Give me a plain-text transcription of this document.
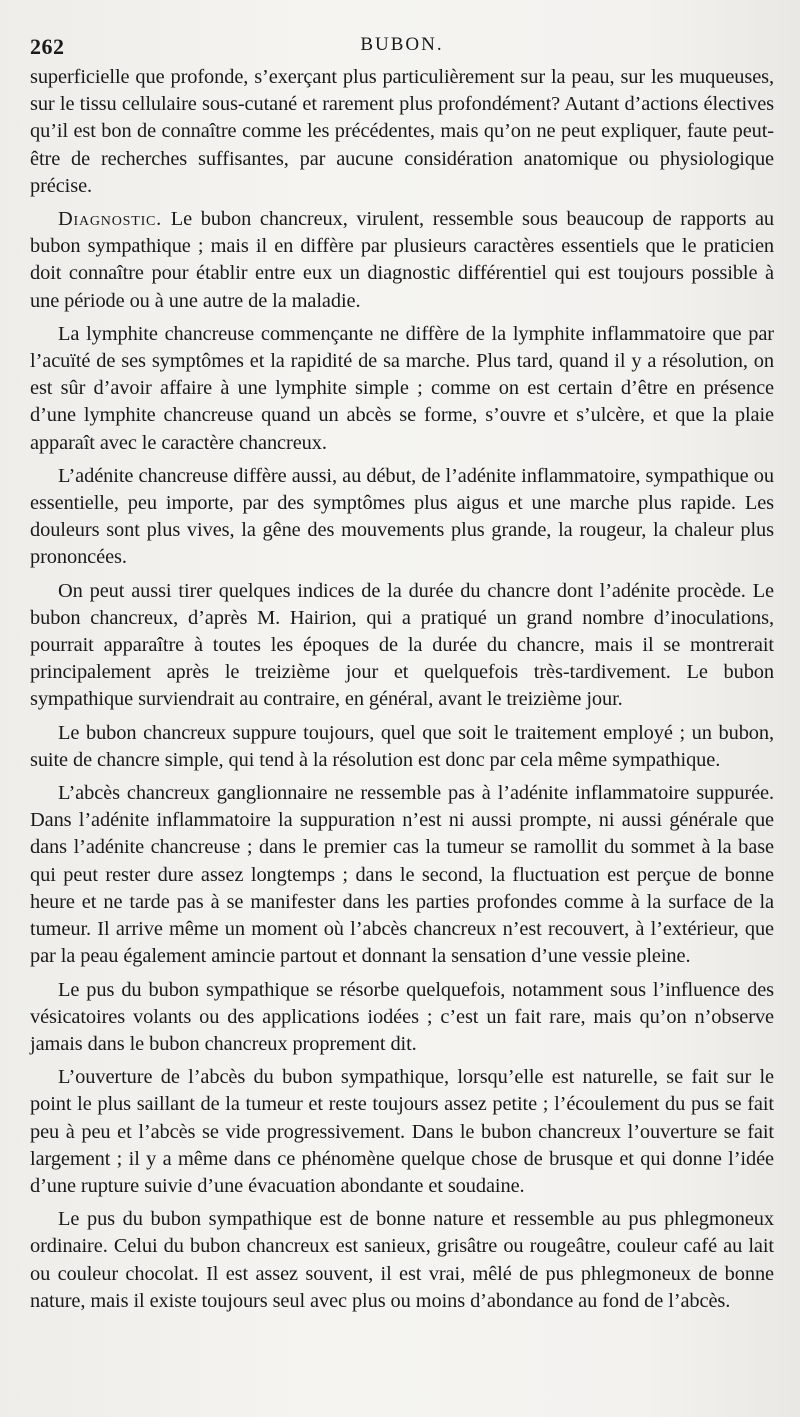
262	BUBON.

superficielle que profonde, s’exerçant plus particulièrement sur la peau, sur les muqueuses, sur le tissu cellulaire sous-cutané et rarement plus profondément? Autant d’actions électives qu’il est bon de connaître comme les précédentes, mais qu’on ne peut expliquer, faute peut-être de recherches suffisantes, par aucune considération anatomique ou physiologique précise.

Diagnostic. Le bubon chancreux, virulent, ressemble sous beaucoup de rapports au bubon sympathique ; mais il en diffère par plusieurs caractères essentiels que le praticien doit connaître pour établir entre eux un diagnostic différentiel qui est toujours possible à une période ou à une autre de la maladie.

La lymphite chancreuse commençante ne diffère de la lymphite inflammatoire que par l’acuïté de ses symptômes et la rapidité de sa marche. Plus tard, quand il y a résolution, on est sûr d’avoir affaire à une lymphite simple ; comme on est certain d’être en présence d’une lymphite chancreuse quand un abcès se forme, s’ouvre et s’ulcère, et que la plaie apparaît avec le caractère chancreux.

L’adénite chancreuse diffère aussi, au début, de l’adénite inflammatoire, sympathique ou essentielle, peu importe, par des symptômes plus aigus et une marche plus rapide. Les douleurs sont plus vives, la gêne des mouvements plus grande, la rougeur, la chaleur plus prononcées.

On peut aussi tirer quelques indices de la durée du chancre dont l’adénite procède. Le bubon chancreux, d’après M. Hairion, qui a pratiqué un grand nombre d’inoculations, pourrait apparaître à toutes les époques de la durée du chancre, mais il se montrerait principalement après le treizième jour et quelquefois très-tardivement. Le bubon sympathique surviendrait au contraire, en général, avant le treizième jour.

Le bubon chancreux suppure toujours, quel que soit le traitement employé ; un bubon, suite de chancre simple, qui tend à la résolution est donc par cela même sympathique.

L’abcès chancreux ganglionnaire ne ressemble pas à l’adénite inflammatoire suppurée. Dans l’adénite inflammatoire la suppuration n’est ni aussi prompte, ni aussi générale que dans l’adénite chancreuse ; dans le premier cas la tumeur se ramollit du sommet à la base qui peut rester dure assez longtemps ; dans le second, la fluctuation est perçue de bonne heure et ne tarde pas à se manifester dans les parties profondes comme à la surface de la tumeur. Il arrive même un moment où l’abcès chancreux n’est recouvert, à l’extérieur, que par la peau également amincie partout et donnant la sensation d’une vessie pleine.

Le pus du bubon sympathique se résorbe quelquefois, notamment sous l’influence des vésicatoires volants ou des applications iodées ; c’est un fait rare, mais qu’on n’observe jamais dans le bubon chancreux proprement dit.

L’ouverture de l’abcès du bubon sympathique, lorsqu’elle est naturelle, se fait sur le point le plus saillant de la tumeur et reste toujours assez petite ; l’écoulement du pus se fait peu à peu et l’abcès se vide progressivement. Dans le bubon chancreux l’ouverture se fait largement ; il y a même dans ce phénomène quelque chose de brusque et qui donne l’idée d’une rupture suivie d’une évacuation abondante et soudaine.

Le pus du bubon sympathique est de bonne nature et ressemble au pus phlegmoneux ordinaire. Celui du bubon chancreux est sanieux, grisâtre ou rougeâtre, couleur café au lait ou couleur chocolat. Il est assez souvent, il est vrai, mêlé de pus phlegmoneux de bonne nature, mais il existe toujours seul avec plus ou moins d’abondance au fond de l’abcès.
